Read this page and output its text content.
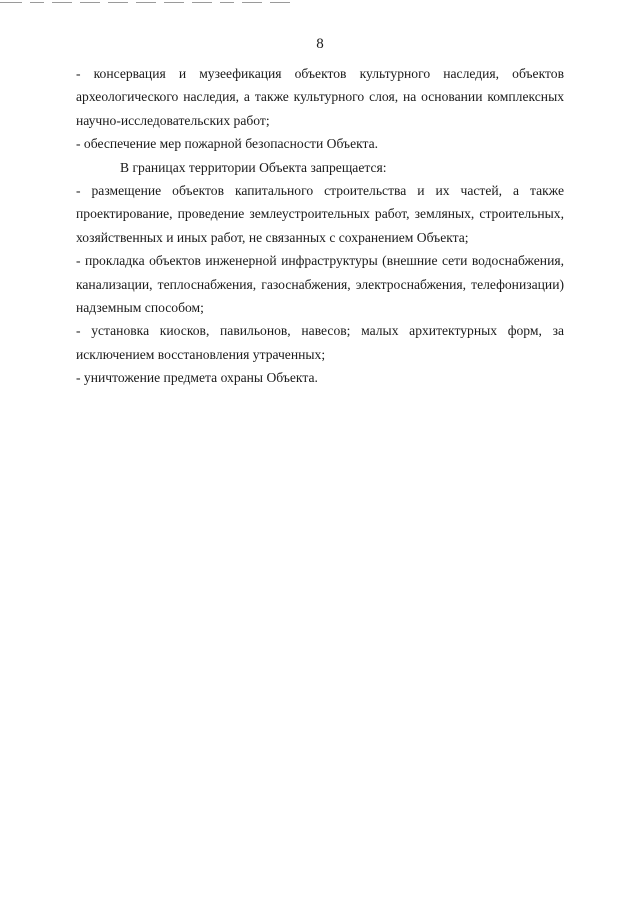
8

- консервация и музеефикация объектов культурного наследия, объектов археологического наследия, а также культурного слоя, на основании комплексных научно-исследовательских работ;

- обеспечение мер пожарной безопасности Объекта.

В границах территории Объекта запрещается:

- размещение объектов капитального строительства и их частей, а также проектирование, проведение землеустроительных работ, земляных, строительных, хозяйственных и иных работ, не связанных с сохранением Объекта;

- прокладка объектов инженерной инфраструктуры (внешние сети водоснабжения, канализации, теплоснабжения, газоснабжения, электроснабжения, телефонизации) надземным способом;

- установка киосков, павильонов, навесов; малых архитектурных форм, за исключением восстановления утраченных;

- уничтожение предмета охраны Объекта.
